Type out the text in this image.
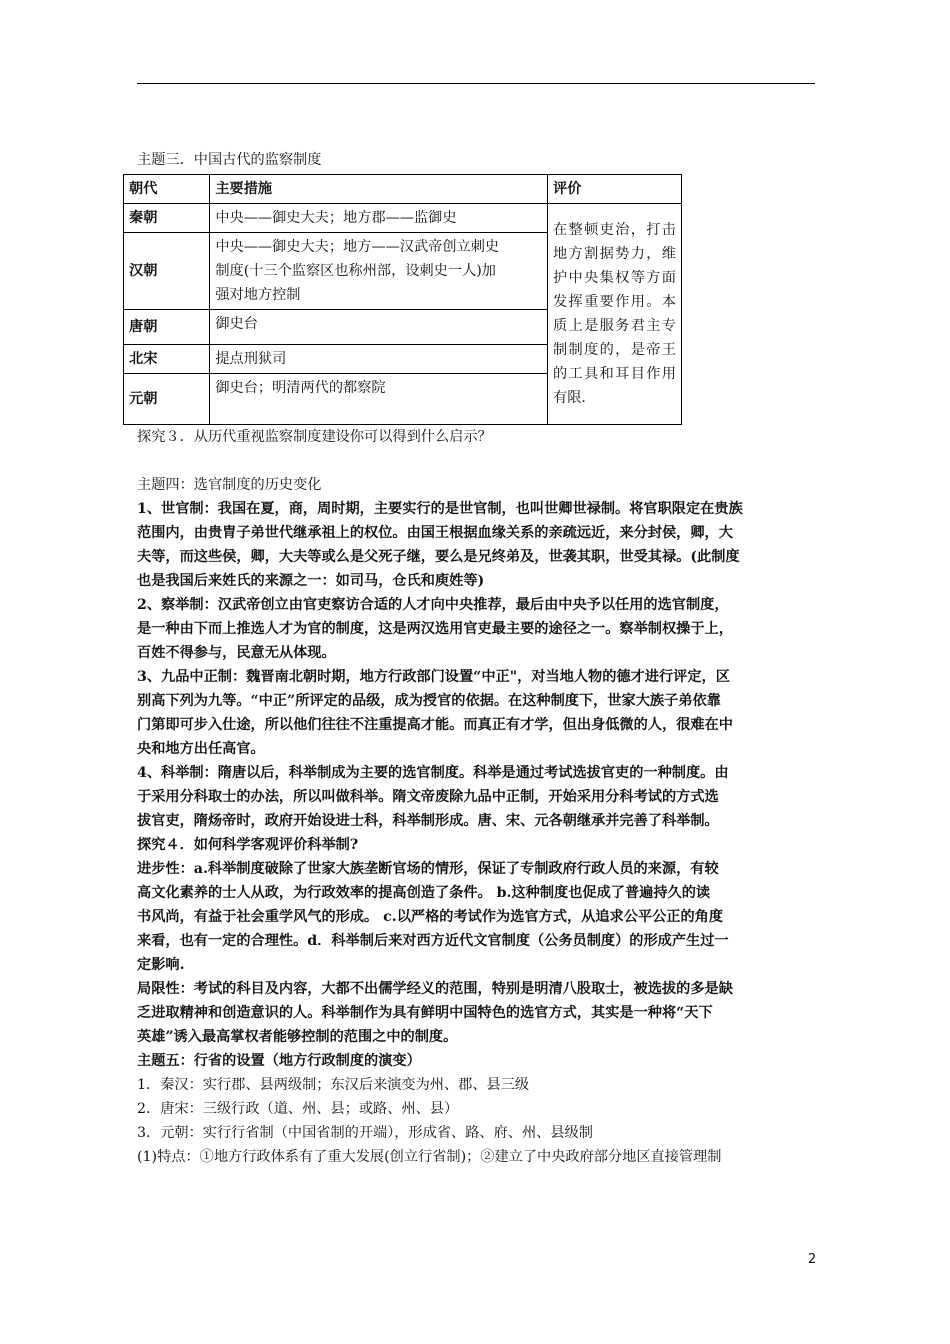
主题三．中国古代的监察制度
朝代	主要措施	评价
秦朝	中央——御史大夫；地方郡——监御史	在整顿吏治，打击地方割据势力，维护中央集权等方面发挥重要作用。本质上是服务君主专制制度的，是帝王的工具和耳目作用有限.
汉朝	中央——御史大夫；地方——汉武帝创立刺史
制度(十三个监察区也称州部，设刺史一人)加
强对地方控制	

唐朝	御史台	
北宋	提点刑狱司	
元朝	御史台；明清两代的都察院	
探究３．从历代重视监察制度建设你可以得到什么启示？
主题四：选官制度的历史变化
1、世官制：我国在夏，商，周时期，主要实行的是世官制，也叫世卿世禄制。将官职限定在贵族
范围内，由贵胄子弟世代继承祖上的权位。由国王根据血缘关系的亲疏远近，来分封侯，卿，大
夫等，而这些侯，卿，大夫等或么是父死子继，要么是兄终弟及，世袭其职，世受其禄。(此制度
也是我国后来姓氏的来源之一：如司马，仓氏和庾姓等)
2、察举制：汉武帝创立由官吏察访合适的人才向中央推荐，最后由中央予以任用的选官制度，
是一种由下而上推选人才为官的制度，这是两汉选用官吏最主要的途径之一。察举制权操于上，
百姓不得参与，民意无从体现。
3、九品中正制：魏晋南北朝时期，地方行政部门设置“中正"，对当地人物的德才进行评定，区
别高下列为九等。“中正”所评定的品级，成为授官的依据。在这种制度下，世家大族子弟依靠
门第即可步入仕途，所以他们往往不注重提高才能。而真正有才学，但出身低微的人，很难在中
央和地方出任高官。
4、科举制：隋唐以后，科举制成为主要的选官制度。科举是通过考试选拔官吏的一种制度。由
于采用分科取士的办法，所以叫做科举。隋文帝废除九品中正制，开始采用分科考试的方式选
拔官吏，隋炀帝时，政府开始设进士科，科举制形成。唐、宋、元各朝继承并完善了科举制。
探究４．如何科学客观评价科举制?
进步性：a.科举制度破除了世家大族垄断官场的情形，保证了专制政府行政人员的来源，有较
高文化素养的士人从政，为行政效率的提高创造了条件。 b.这种制度也促成了普遍持久的读
书风尚，有益于社会重学风气的形成。 c.以严格的考试作为选官方式，从追求公平公正的角度
来看，也有一定的合理性。d．科举制后来对西方近代文官制度（公务员制度）的形成产生过一
定影响.
局限性：考试的科目及内容，大都不出儒学经义的范围，特别是明清八股取士，被选拔的多是缺
乏进取精神和创造意识的人。科举制作为具有鲜明中国特色的选官方式，其实是一种将“天下
英雄”诱入最高掌权者能够控制的范围之中的制度。
主题五：行省的设置（地方行政制度的演变）
1．秦汉：实行郡、县两级制；东汉后来演变为州、郡、县三级
2．唐宋：三级行政（道、州、县；或路、州、县）
3．元朝：实行行省制（中国省制的开端），形成省、路、府、州、县级制
(1)特点：①地方行政体系有了重大发展(创立行省制)；②建立了中央政府部分地区直接管理制
2
